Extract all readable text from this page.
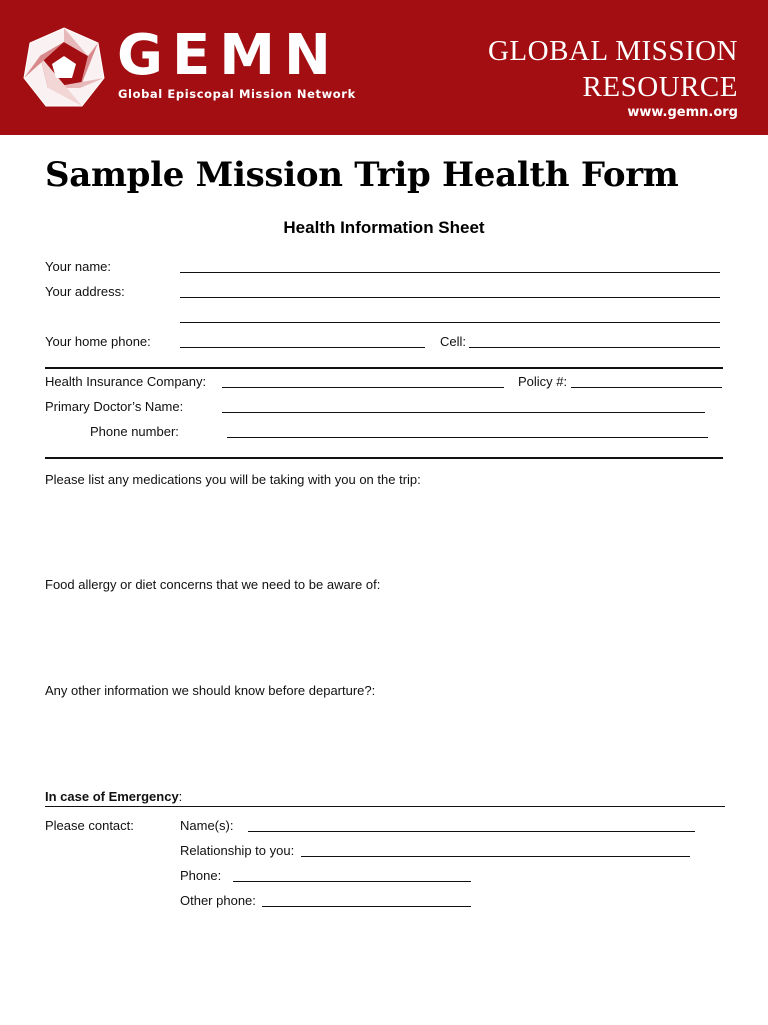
GEMN
Global Episcopal Mission Network
GLOBAL MISSION
RESOURCE
www.gemn.org
Sample Mission Trip Health Form
Health Information Sheet
Your name:
Your address:
Your home phone:	Cell:
Health Insurance Company:	Policy #:
Primary Doctor’s Name:
Phone number:
Please list any medications you will be taking with you on the trip:
Food allergy or diet concerns that we need to be aware of:
Any other information we should know before departure?:
In case of Emergency:
Please contact:	Name(s):
Relationship to you:
Phone:
Other phone:
